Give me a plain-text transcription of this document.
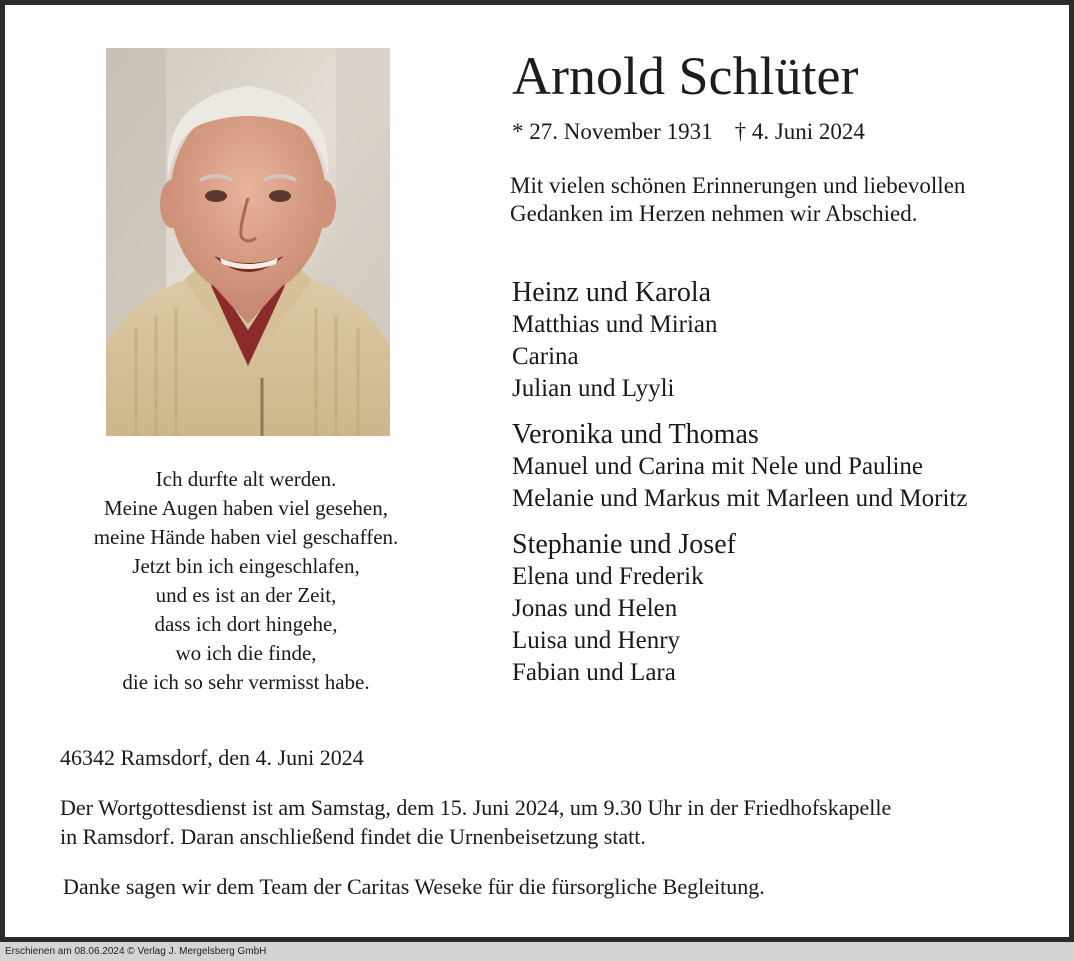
Arnold Schlüter
* 27. November 1931 † 4. Juni 2024
Mit vielen schönen Erinnerungen und liebevollen
Gedanken im Herzen nehmen wir Abschied.
Heinz und Karola
Matthias und Mirian
Carina
Julian und Lyyli
Veronika und Thomas
Manuel und Carina mit Nele und Pauline
Melanie und Markus mit Marleen und Moritz
Stephanie und Josef
Elena und Frederik
Jonas und Helen
Luisa und Henry
Fabian und Lara
Ich durfte alt werden.
Meine Augen haben viel gesehen,
meine Hände haben viel geschaffen.
Jetzt bin ich eingeschlafen,
und es ist an der Zeit,
dass ich dort hingehe,
wo ich die finde,
die ich so sehr vermisst habe.
46342 Ramsdorf, den 4. Juni 2024
Der Wortgottesdienst ist am Samstag, dem 15. Juni 2024, um 9.30 Uhr in der Friedhofskapelle
in Ramsdorf. Daran anschließend findet die Urnenbeisetzung statt.
Danke sagen wir dem Team der Caritas Weseke für die fürsorgliche Begleitung.
Erschienen am 08.06.2024 © Verlag J. Mergelsberg GmbH
